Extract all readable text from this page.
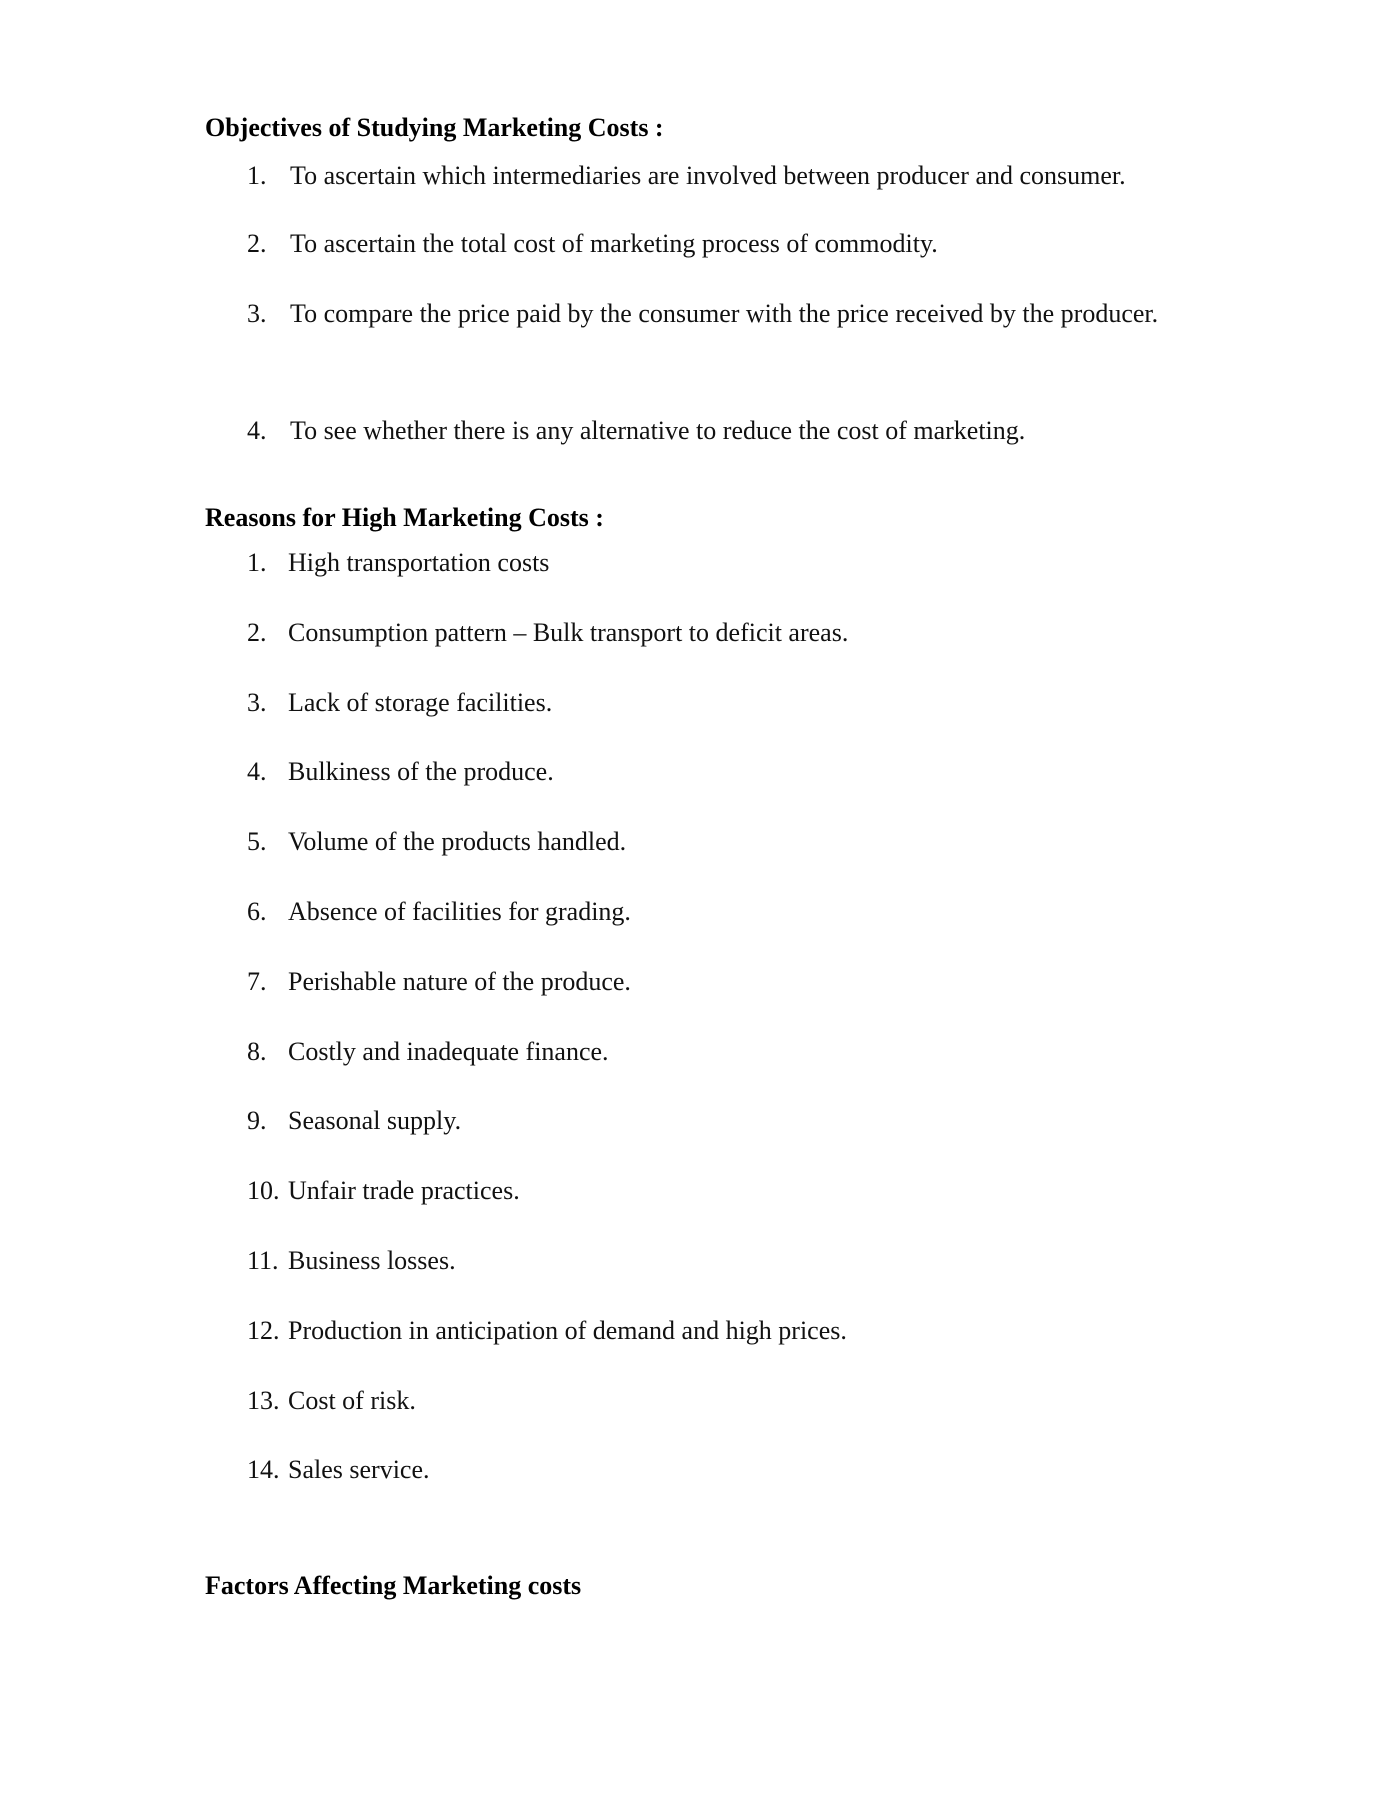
Objectives of Studying Marketing Costs :
1. To ascertain which intermediaries are involved between producer and consumer.
2. To ascertain the total cost of marketing process of commodity.
3. To compare the price paid by the consumer with the price received by the producer.
4. To see whether there is any alternative to reduce the cost of marketing.
Reasons for High Marketing Costs :
1. High transportation costs
2. Consumption pattern – Bulk transport to deficit areas.
3. Lack of storage facilities.
4. Bulkiness of the produce.
5. Volume of the products handled.
6. Absence of facilities for grading.
7. Perishable nature of the produce.
8. Costly and inadequate finance.
9. Seasonal supply.
10. Unfair trade practices.
11. Business losses.
12. Production in anticipation of demand and high prices.
13. Cost of risk.
14. Sales service.
Factors Affecting Marketing costs
